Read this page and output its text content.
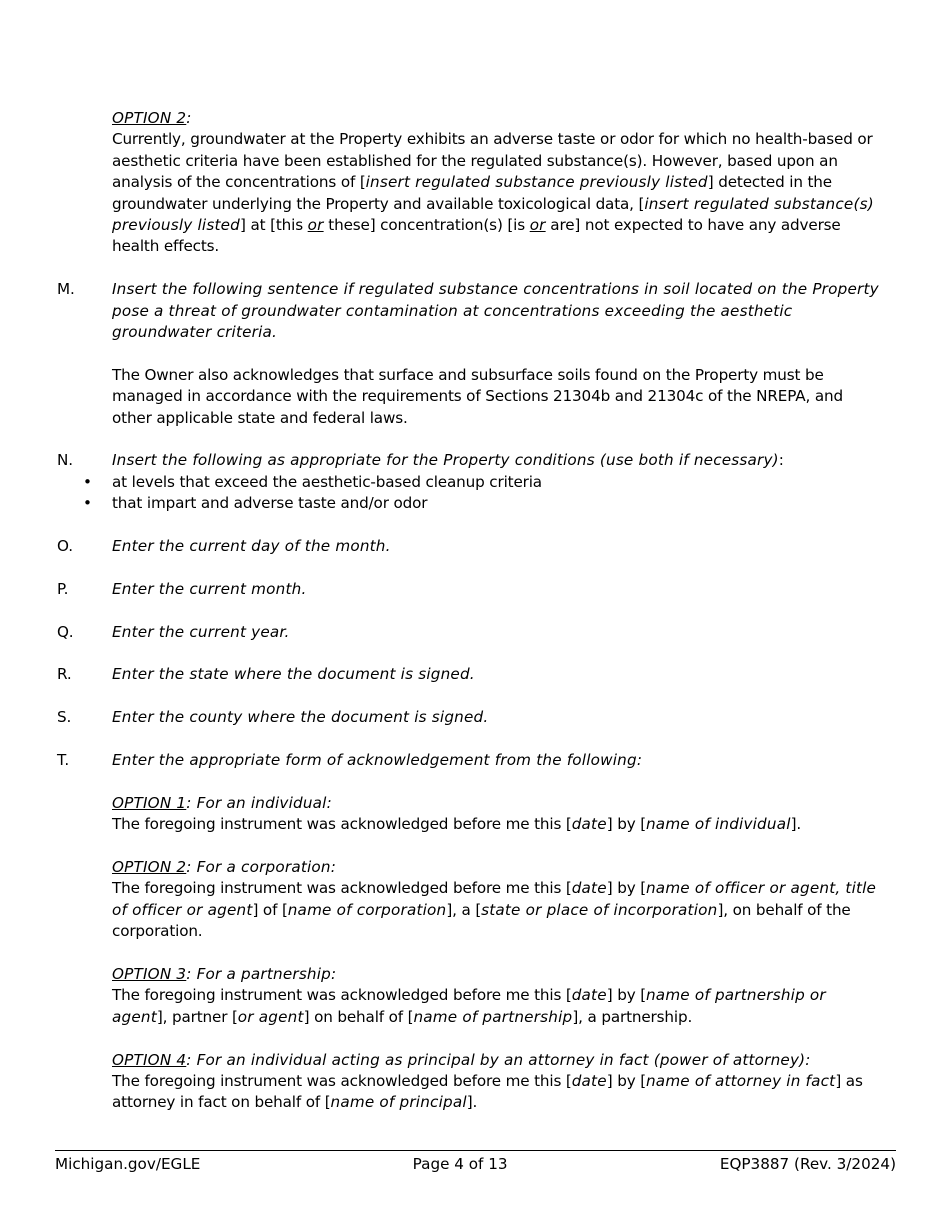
OPTION 2:
Currently, groundwater at the Property exhibits an adverse taste or odor for which no health-based or aesthetic criteria have been established for the regulated substance(s). However, based upon an analysis of the concentrations of [insert regulated substance previously listed] detected in the groundwater underlying the Property and available toxicological data, [insert regulated substance(s) previously listed] at [this or these] concentration(s) [is or are] not expected to have any adverse health effects.
M.	Insert the following sentence if regulated substance concentrations in soil located on the Property pose a threat of groundwater contamination at concentrations exceeding the aesthetic groundwater criteria.
The Owner also acknowledges that surface and subsurface soils found on the Property must be managed in accordance with the requirements of Sections 21304b and 21304c of the NREPA, and other applicable state and federal laws.
N.	Insert the following as appropriate for the Property conditions (use both if necessary):
• at levels that exceed the aesthetic-based cleanup criteria
• that impart and adverse taste and/or odor
O.	Enter the current day of the month.
P.	Enter the current month.
Q.	Enter the current year.
R.	Enter the state where the document is signed.
S.	Enter the county where the document is signed.
T.	Enter the appropriate form of acknowledgement from the following:
OPTION 1: For an individual:
The foregoing instrument was acknowledged before me this [date] by [name of individual].
OPTION 2: For a corporation:
The foregoing instrument was acknowledged before me this [date] by [name of officer or agent, title of officer or agent] of [name of corporation], a [state or place of incorporation], on behalf of the corporation.
OPTION 3: For a partnership:
The foregoing instrument was acknowledged before me this [date] by [name of partnership or agent], partner [or agent] on behalf of [name of partnership], a partnership.
OPTION 4: For an individual acting as principal by an attorney in fact (power of attorney):
The foregoing instrument was acknowledged before me this [date] by [name of attorney in fact] as attorney in fact on behalf of [name of principal].
Michigan.gov/EGLE	Page 4 of 13	EQP3887 (Rev. 3/2024)
